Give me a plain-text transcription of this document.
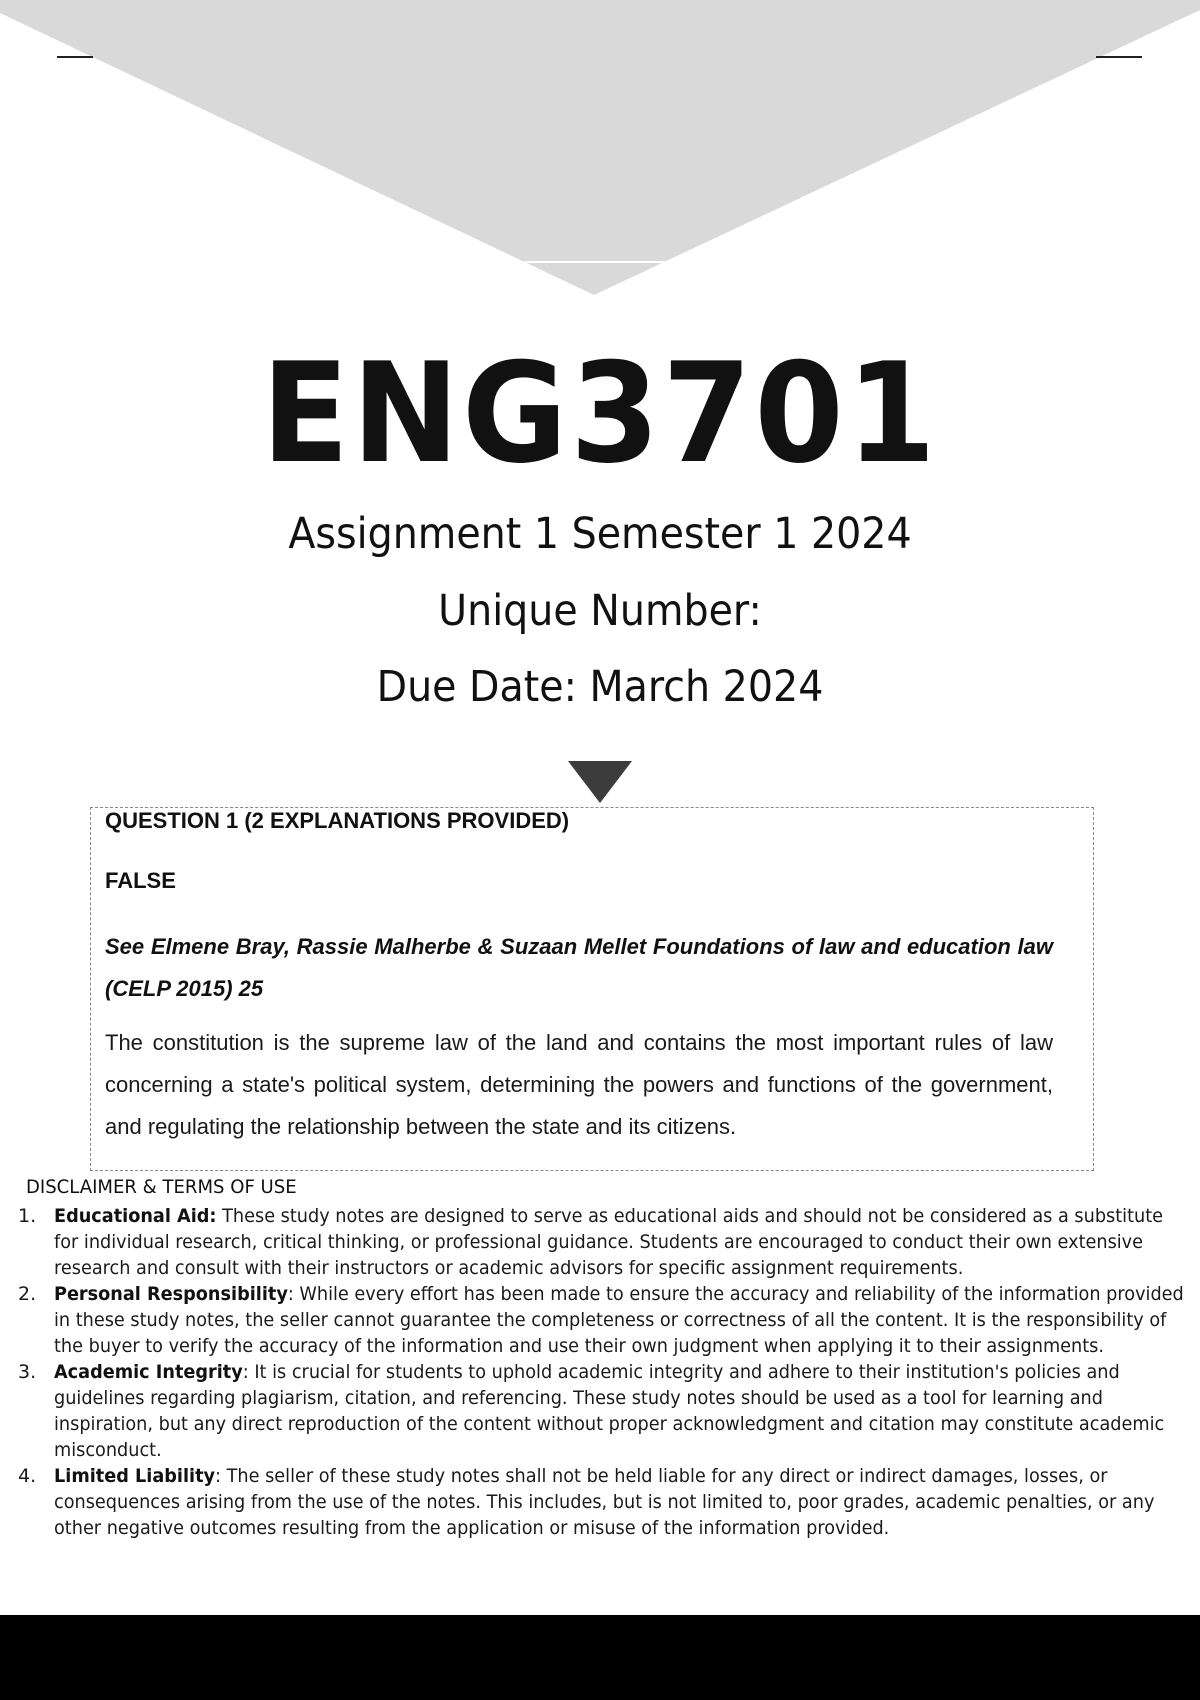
ENG3701
Assignment 1 Semester 1 2024
Unique Number:
Due Date: March 2024
QUESTION 1 (2 EXPLANATIONS PROVIDED)
FALSE
See Elmene Bray, Rassie Malherbe & Suzaan Mellet Foundations of law and education law (CELP 2015) 25
The constitution is the supreme law of the land and contains the most important rules of law concerning a state's political system, determining the powers and functions of the government, and regulating the relationship between the state and its citizens.
DISCLAIMER & TERMS OF USE
1. Educational Aid: These study notes are designed to serve as educational aids and should not be considered as a substitute for individual research, critical thinking, or professional guidance. Students are encouraged to conduct their own extensive research and consult with their instructors or academic advisors for specific assignment requirements.
2. Personal Responsibility: While every effort has been made to ensure the accuracy and reliability of the information provided in these study notes, the seller cannot guarantee the completeness or correctness of all the content. It is the responsibility of the buyer to verify the accuracy of the information and use their own judgment when applying it to their assignments.
3. Academic Integrity: It is crucial for students to uphold academic integrity and adhere to their institution's policies and guidelines regarding plagiarism, citation, and referencing. These study notes should be used as a tool for learning and inspiration, but any direct reproduction of the content without proper acknowledgment and citation may constitute academic misconduct.
4. Limited Liability: The seller of these study notes shall not be held liable for any direct or indirect damages, losses, or consequences arising from the use of the notes. This includes, but is not limited to, poor grades, academic penalties, or any other negative outcomes resulting from the application or misuse of the information provided.
